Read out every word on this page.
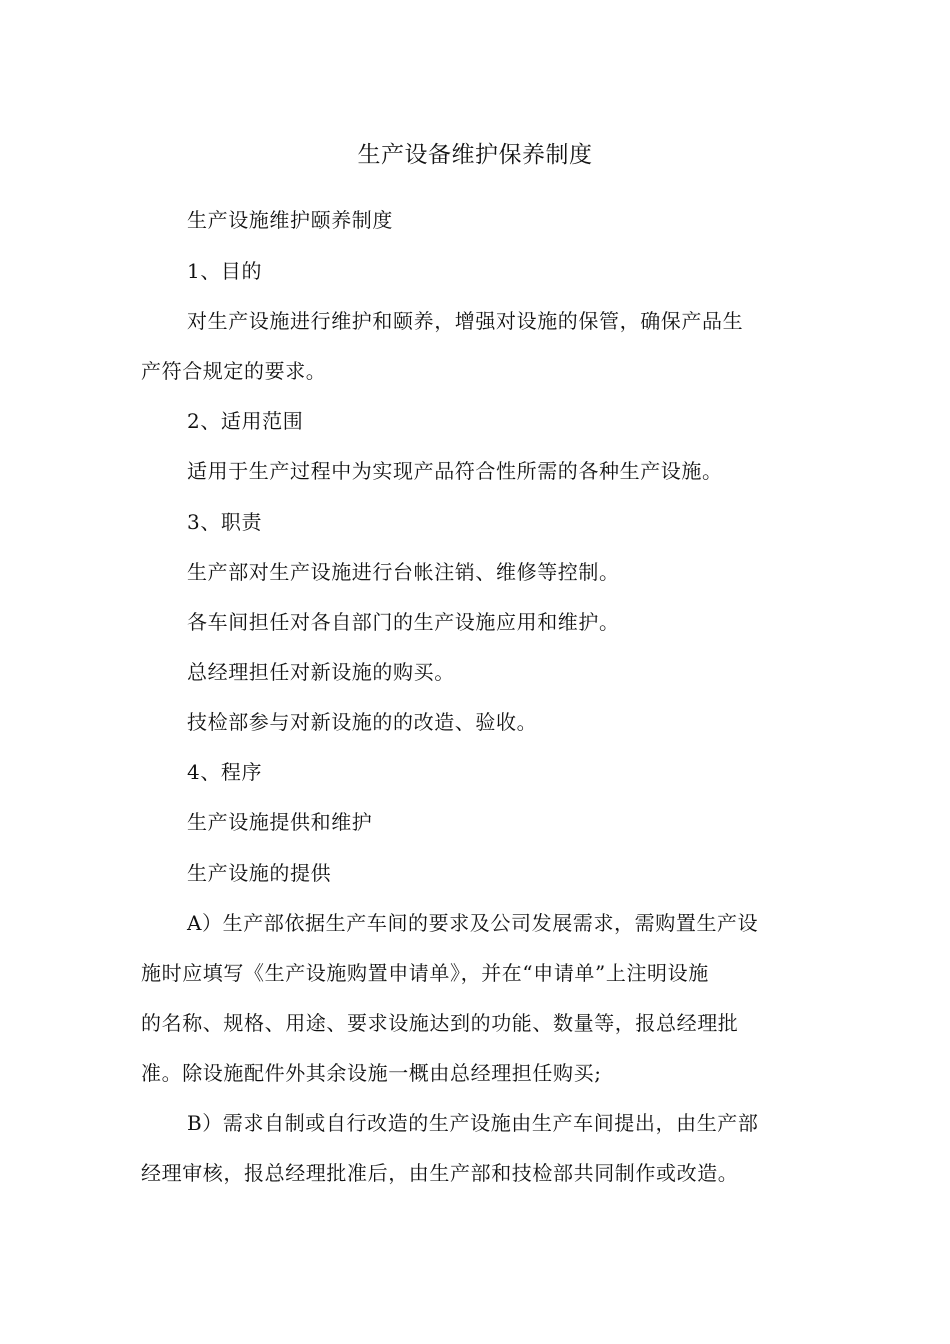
生产设备维护保养制度
生产设施维护颐养制度
1、目的
对生产设施进行维护和颐养，增强对设施的保管，确保产品生
产符合规定的要求。
2、适用范围
适用于生产过程中为实现产品符合性所需的各种生产设施。
3、职责
生产部对生产设施进行台帐注销、维修等控制。
各车间担任对各自部门的生产设施应用和维护。
总经理担任对新设施的购买。
技检部参与对新设施的的改造、验收。
4、程序
生产设施提供和维护
生产设施的提供
A）生产部依据生产车间的要求及公司发展需求，需购置生产设
施时应填写《生产设施购置申请单》，并在“申请单”上注明设施
的名称、规格、用途、要求设施达到的功能、数量等，报总经理批
准。除设施配件外其余设施一概由总经理担任购买;
B）需求自制或自行改造的生产设施由生产车间提出，由生产部
经理审核，报总经理批准后，由生产部和技检部共同制作或改造。
